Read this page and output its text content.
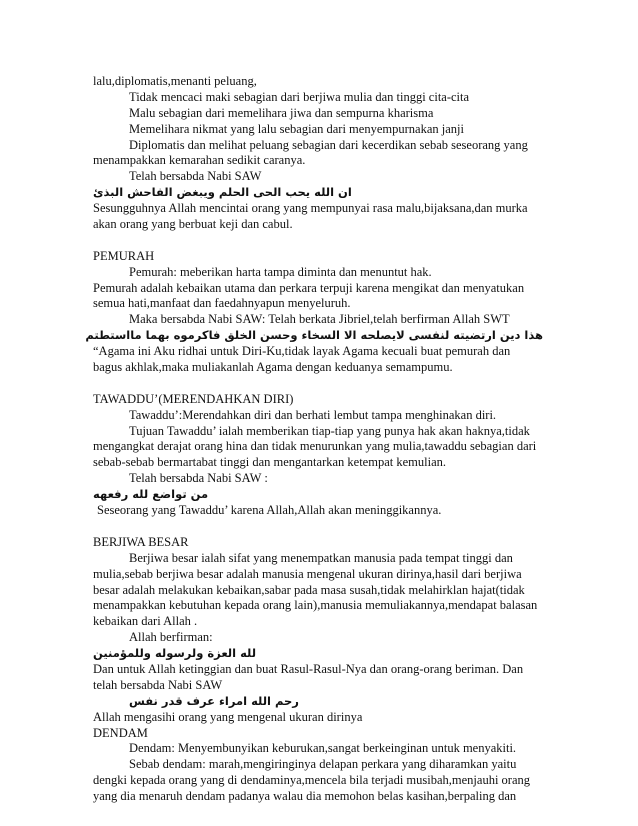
lalu,diplomatis,menanti peluang,
Tidak mencaci maki sebagian dari berjiwa mulia dan tinggi cita-cita
Malu sebagian dari memelihara jiwa dan sempurna kharisma
Memelihara nikmat yang lalu sebagian dari menyempurnakan janji
Diplomatis dan melihat peluang sebagian dari kecerdikan sebab seseorang yang
menampakkan kemarahan sedikit caranya.
Telah bersabda Nabi SAW
ان الله يحب الحى الحلم ويبغض الفاحش البذئ
Sesungguhnya Allah mencintai orang yang mempunyai rasa malu,bijaksana,dan murka
akan orang yang berbuat keji dan cabul.
PEMURAH
Pemurah: meberikan harta tampa diminta dan menuntut hak.
Pemurah adalah kebaikan utama dan perkara terpuji karena mengikat dan menyatukan
semua hati,manfaat dan faedahnyapun menyeluruh.
Maka bersabda Nabi SAW: Telah berkata Jibriel,telah berfirman Allah SWT
هذا دين ارتضيته لنفسى لايصلحه الا السخاء وحسن الخلق فاكرموه بهما مااستطتم
“Agama ini Aku ridhai untuk Diri-Ku,tidak layak Agama kecuali buat pemurah dan
bagus akhlak,maka muliakanlah Agama dengan keduanya semampumu.
TAWADDU’(MERENDAHKAN DIRI)
Tawaddu’:Merendahkan diri dan berhati lembut tampa menghinakan diri.
Tujuan Tawaddu’ ialah memberikan tiap-tiap yang punya hak akan haknya,tidak
mengangkat derajat orang hina dan tidak menurunkan yang mulia,tawaddu sebagian dari
sebab-sebab bermartabat tinggi dan mengantarkan ketempat kemulian.
Telah bersabda Nabi SAW :
من تواضع لله رفعهه
Seseorang yang Tawaddu’ karena Allah,Allah akan meninggikannya.
BERJIWA BESAR
Berjiwa besar ialah sifat yang menempatkan manusia pada tempat tinggi dan
mulia,sebab berjiwa besar adalah manusia mengenal ukuran dirinya,hasil dari berjiwa
besar adalah melakukan kebaikan,sabar pada masa susah,tidak melahirklan hajat(tidak
menampakkan kebutuhan kepada orang lain),manusia memuliakannya,mendapat balasan
kebaikan dari Allah .
Allah berfirman:
لله العزة ولرسوله وللمؤمنين
Dan untuk Allah ketinggian dan buat Rasul-Rasul-Nya dan orang-orang beriman. Dan
telah bersabda Nabi SAW
رحم الله امراء عرف قدر نفس
Allah mengasihi orang yang mengenal ukuran dirinya
DENDAM
Dendam: Menyembunyikan keburukan,sangat berkeinginan untuk menyakiti.
Sebab dendam: marah,mengiringinya delapan perkara yang diharamkan yaitu
dengki kepada orang yang di dendaminya,mencela bila terjadi musibah,menjauhi orang
yang dia menaruh dendam padanya walau dia memohon belas kasihan,berpaling dan
